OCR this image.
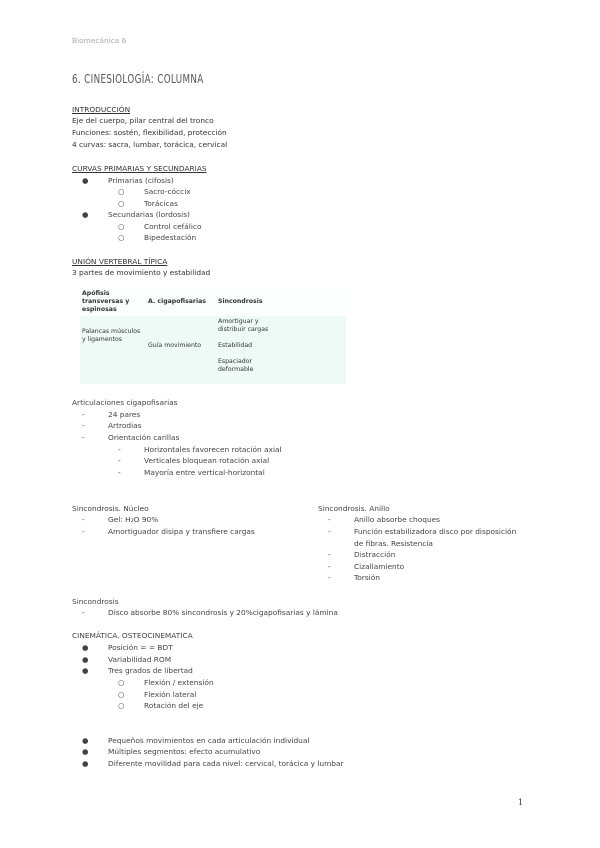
Biomecánica 6
6. CINESIOLOGÍA: COLUMNA
INTRODUCCIÓN
Eje del cuerpo, pilar central del tronco
Funciones: sostén, flexibilidad, protección
4 curvas: sacra, lumbar, torácica, cervical
CURVAS PRIMARIAS Y SECUNDARIAS
●	Primarias (cifosis)
○	Sacro-cóccix
○	Torácicas
●	Secundarias (lordosis)
○	Control cefálico
○	Bipedestación
UNIÓN VERTEBRAL TÍPICA
3 partes de movimiento y estabilidad
Apófisis transversas y espinosas	A. cigapofisarias	Sincondrosis
Palancas músculos y ligamentos	Guía movimiento	Amortiguar y distribuir cargas
Estabilidad
Espaciador deformable
Articulaciones cigapofisarias
-	24 pares
-	Artrodias
-	Orientación carillas
-	Horizontales favorecen rotación axial
-	Verticales bloquean rotación axial
-	Mayoría entre vertical-horizontal
Sincondrosis. Núcleo
-	Gel: H₂O 90%
-	Amortiguador disipa y transfiere cargas
Sincondrosis. Anillo
-	Anillo absorbe choques
-	Función estabilizadora disco por disposición
de fibras. Resistencia
-	Distracción
-	Cizallamiento
-	Torsión
Sincondrosis
-	Disco absorbe 80% sincondrosis y 20%cigapofisarias y lámina
CINEMÁTICA. OSTEOCINEMATICA
●	Posición = = BDT
●	Variabilidad ROM
●	Tres grados de libertad
○	Flexión / extensión
○	Flexión lateral
○	Rotación del eje
●	Pequeños movimientos en cada articulación individual
●	Múltiples segmentos: efecto acumulativo
●	Diferente movilidad para cada nivel: cervical, torácica y lumbar
1
